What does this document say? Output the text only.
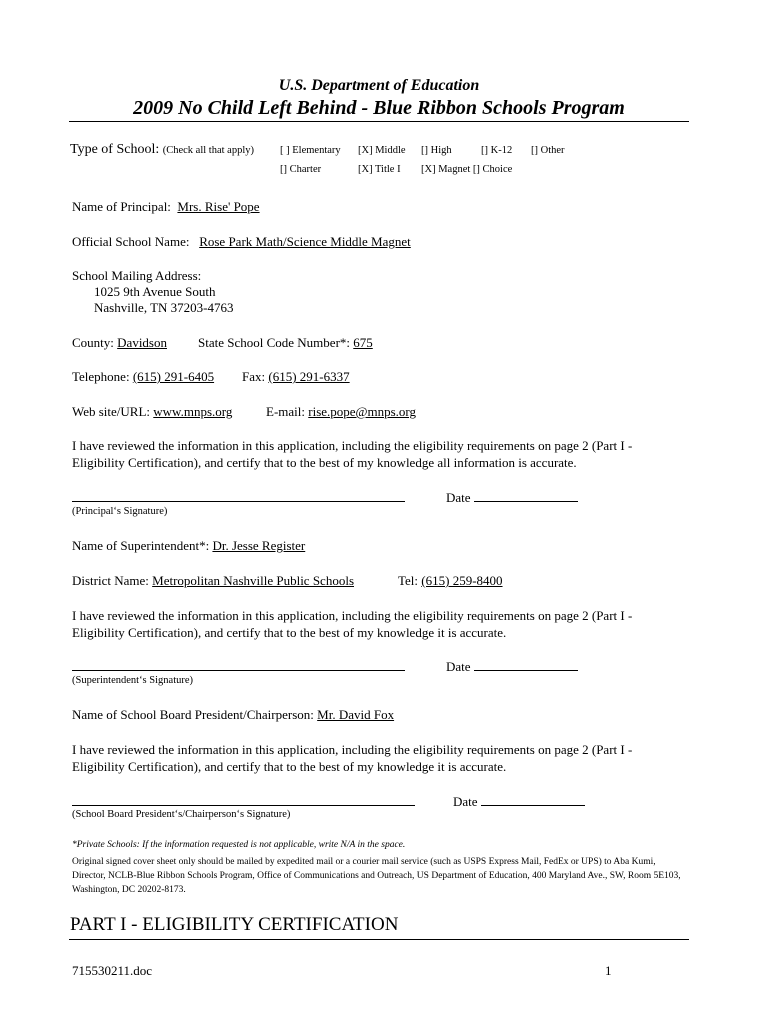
U.S. Department of Education
2009 No Child Left Behind - Blue Ribbon Schools Program
Type of School: (Check all that apply) [ ] Elementary [X] Middle [] High	[] K-12 [] Other
[] Charter	[X] Title I [X] Magnet [] Choice
Name of Principal: Mrs. Rise' Pope
Official School Name: Rose Park Math/Science Middle Magnet
School Mailing Address:
1025 9th Avenue South
Nashville, TN 37203-4763
County: Davidson State School Code Number*: 675
Telephone: (615) 291-6405 Fax: (615) 291-6337
Web site/URL: www.mnps.org	E-mail: rise.pope@mnps.org
I have reviewed the information in this application, including the eligibility requirements on page 2 (Part I - Eligibility Certification), and certify that to the best of my knowledge all information is accurate.
Date
(Principal‘s Signature)
Name of Superintendent*: Dr. Jesse Register
District Name: Metropolitan Nashville Public Schools	Tel: (615) 259-8400
I have reviewed the information in this application, including the eligibility requirements on page 2 (Part I - Eligibility Certification), and certify that to the best of my knowledge it is accurate.
Date
(Superintendent‘s Signature)
Name of School Board President/Chairperson: Mr. David Fox
I have reviewed the information in this application, including the eligibility requirements on page 2 (Part I - Eligibility Certification), and certify that to the best of my knowledge it is accurate.
Date
(School Board President‘s/Chairperson‘s Signature)
*Private Schools: If the information requested is not applicable, write N/A in the space.
Original signed cover sheet only should be mailed by expedited mail or a courier mail service (such as USPS Express Mail, FedEx or UPS) to Aba Kumi, Director, NCLB-Blue Ribbon Schools Program, Office of Communications and Outreach, US Department of Education, 400 Maryland Ave., SW, Room 5E103, Washington, DC 20202-8173.
PART I - ELIGIBILITY CERTIFICATION
715530211.doc	1
